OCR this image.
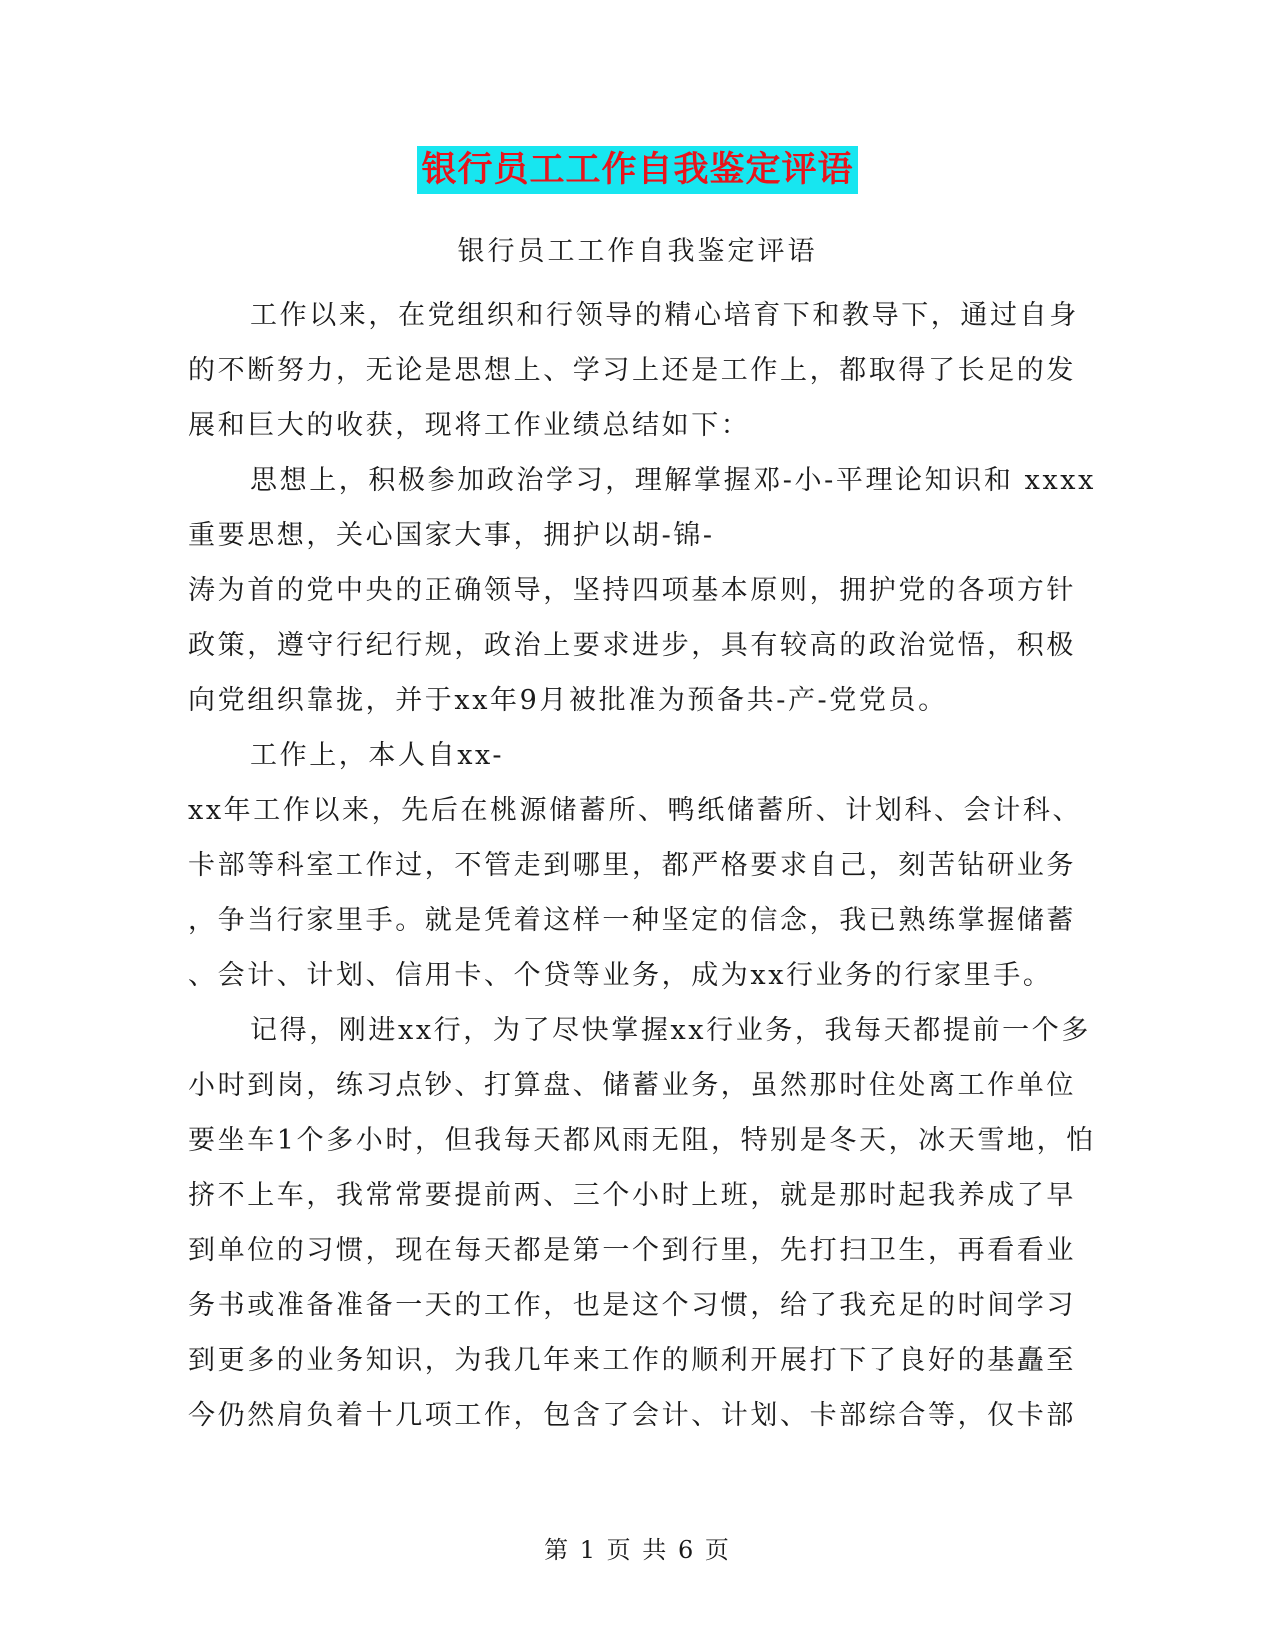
银行员工工作自我鉴定评语
银行员工工作自我鉴定评语
工作以来，在党组织和行领导的精心培育下和教导下，通过自身
的不断努力，无论是思想上、学习上还是工作上，都取得了长足的发
展和巨大的收获，现将工作业绩总结如下：
思想上，积极参加政治学习，理解掌握邓-小-平理论知识和 xxxx
重要思想，关心国家大事，拥护以胡-锦-
涛为首的党中央的正确领导，坚持四项基本原则，拥护党的各项方针
政策，遵守行纪行规，政治上要求进步，具有较高的政治觉悟，积极
向党组织靠拢，并于xx年9月被批准为预备共-产-党党员。
工作上，本人自xx-
xx年工作以来，先后在桃源储蓄所、鸭纸储蓄所、计划科、会计科、
卡部等科室工作过，不管走到哪里，都严格要求自己，刻苦钻研业务
，争当行家里手。就是凭着这样一种坚定的信念，我已熟练掌握储蓄
、会计、计划、信用卡、个贷等业务，成为xx行业务的行家里手。
记得，刚进xx行，为了尽快掌握xx行业务，我每天都提前一个多
小时到岗，练习点钞、打算盘、储蓄业务，虽然那时住处离工作单位
要坐车1个多小时，但我每天都风雨无阻，特别是冬天，冰天雪地，怕
挤不上车，我常常要提前两、三个小时上班，就是那时起我养成了早
到单位的习惯，现在每天都是第一个到行里，先打扫卫生，再看看业
务书或准备准备一天的工作，也是这个习惯，给了我充足的时间学习
到更多的业务知识，为我几年来工作的顺利开展打下了良好的基矗至
今仍然肩负着十几项工作，包含了会计、计划、卡部综合等，仅卡部
第 1 页 共 6 页
